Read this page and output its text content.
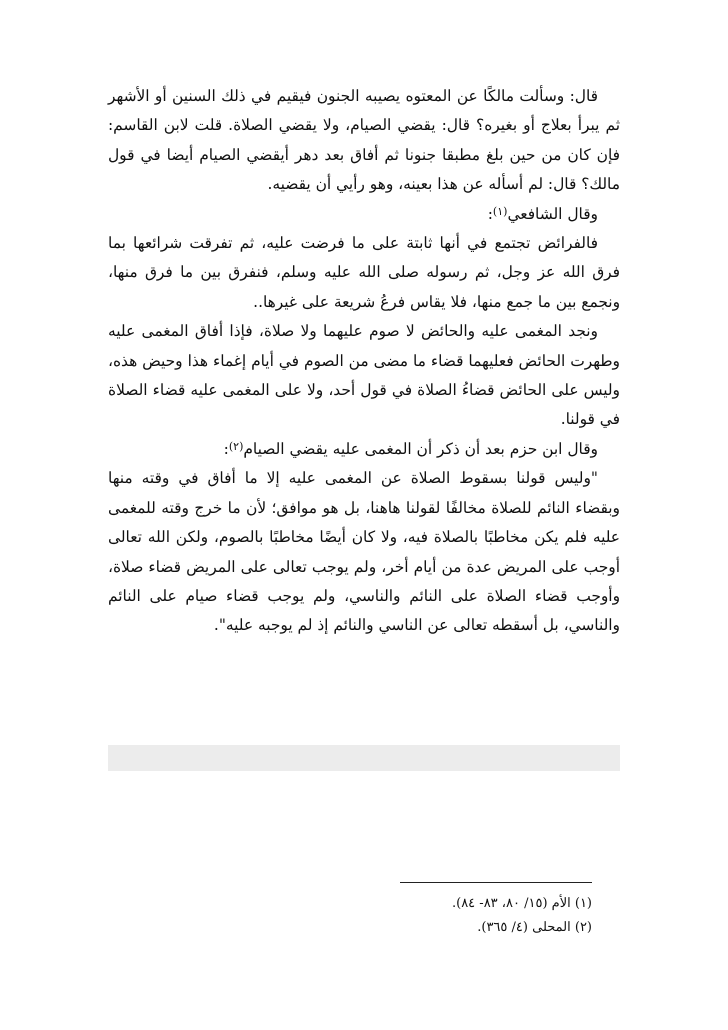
قال: وسألت مالكًا عن المعتوه يصيبه الجنون فيقيم في ذلك السنين أو الأشهر ثم يبرأ بعلاج أو بغيره؟ قال: يقضي الصيام، ولا يقضي الصلاة. قلت لابن القاسم: فإن كان من حين بلغ مطبقا جنونا ثم أفاق بعد دهر أيقضي الصيام أيضا في قول مالك؟ قال: لم أسأله عن هذا بعينه، وهو رأيي أن يقضيه.

وقال الشافعي$^{(١)}$:

فالفرائض تجتمع في أنها ثابتة على ما فرضت عليه، ثم تفرقت شرائعها بما فرق الله عز وجل، ثم رسوله صلى الله عليه وسلم، فنفرق بين ما فرق منها، ونجمع بين ما جمع منها، فلا يقاس فرعُ شريعة على غيرها..

ونجد المغمى عليه والحائض لا صوم عليهما ولا صلاة، فإذا أفاق المغمى عليه وطهرت الحائض فعليهما قضاء ما مضى من الصوم في أيام إغماء هذا وحيض هذه، وليس على الحائض قضاءُ الصلاة في قول أحد، ولا على المغمى عليه قضاء الصلاة في قولنا.

وقال ابن حزم بعد أن ذكر أن المغمى عليه يقضي الصيام$^{(٢)}$:

"وليس قولنا بسقوط الصلاة عن المغمى عليه إلا ما أفاق في وقته منها وبقضاء النائم للصلاة مخالفًا لقولنا هاهنا، بل هو موافق؛ لأن ما خرج وقته للمغمى عليه فلم يكن مخاطبًا بالصلاة فيه، ولا كان أيضًا مخاطبًا بالصوم، ولكن الله تعالى أوجب على المريض عدة من أيام أخر، ولم يوجب تعالى على المريض قضاء صلاة، وأوجب قضاء الصلاة على النائم والناسي، ولم يوجب قضاء صيام على النائم والناسي، بل أسقطه تعالى عن الناسي والنائم إذ لم يوجبه عليه".

(١) الأم (١٥/ ٨٠، ٨٣- ٨٤).
(٢) المحلى (٤/ ٣٦٥).
